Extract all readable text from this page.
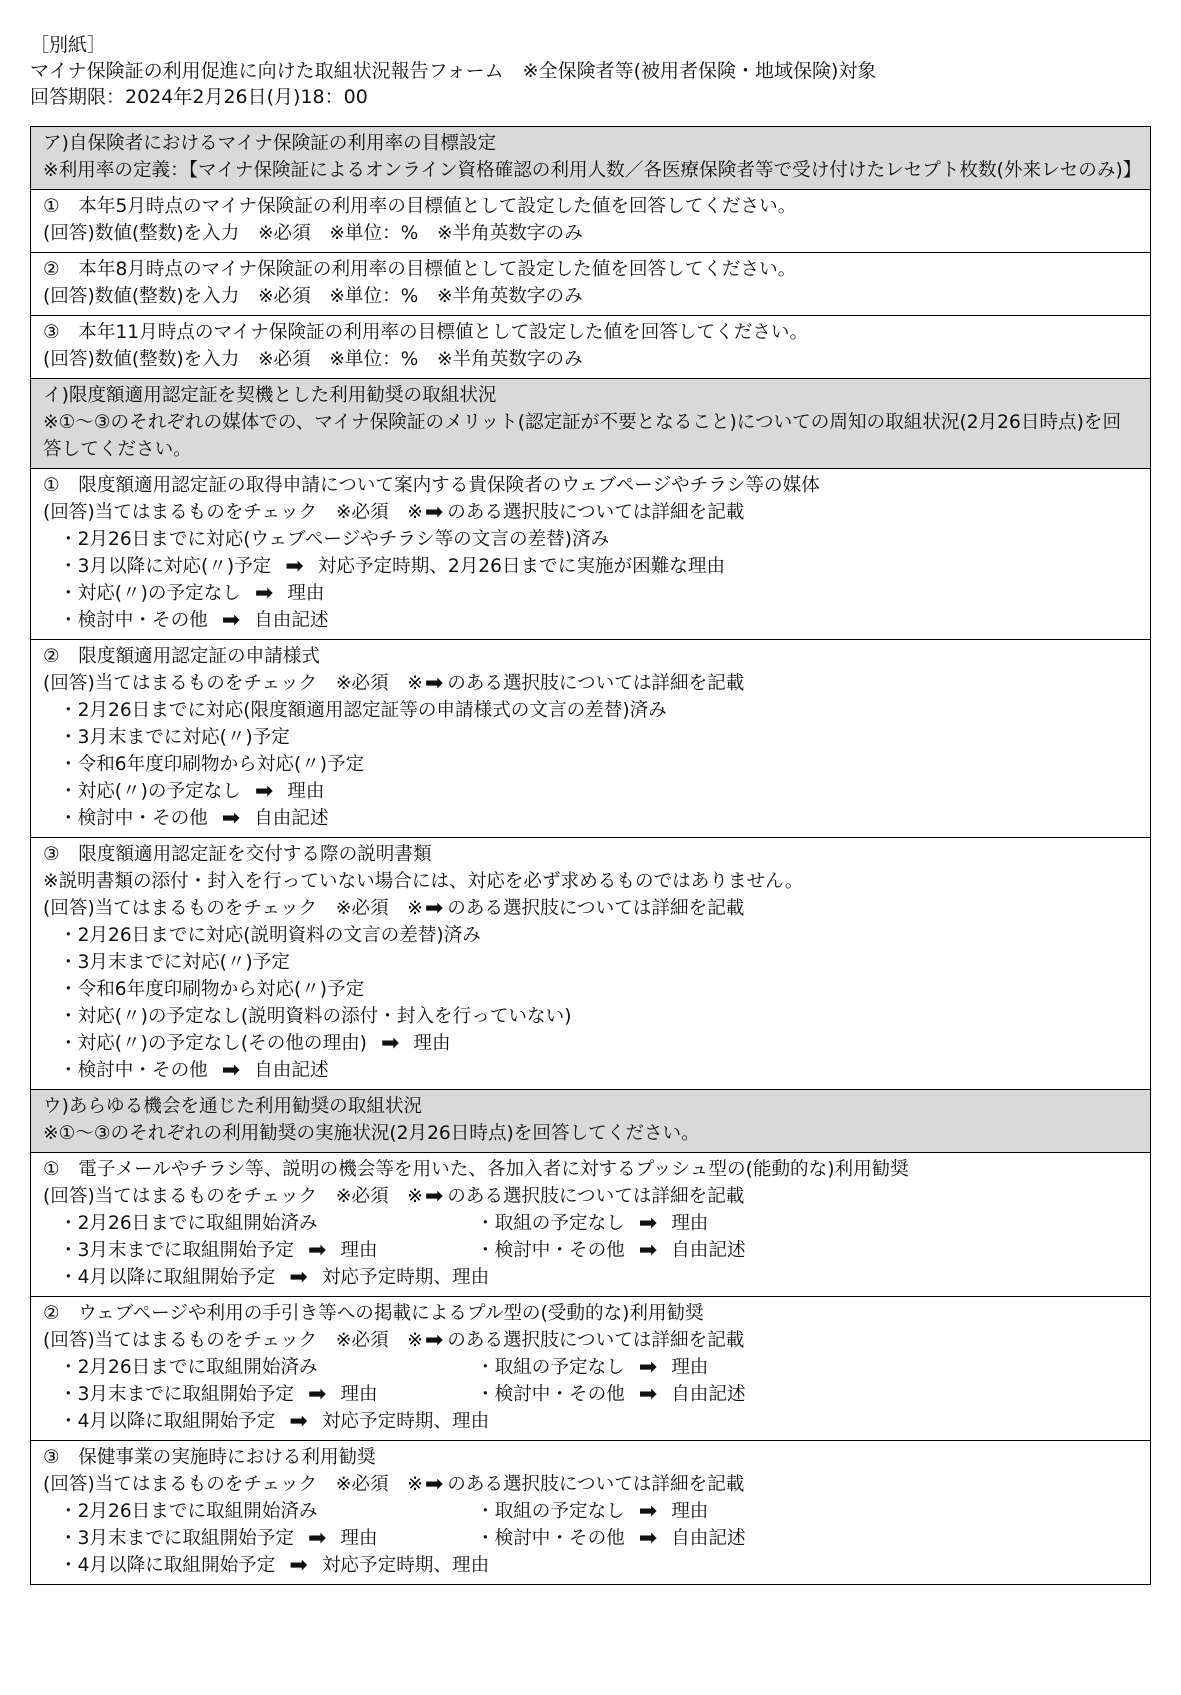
［別紙］
マイナ保険証の利用促進に向けた取組状況報告フォーム　※全保険者等(被用者保険・地域保険)対象
回答期限：2024年2月26日(月)18：00
ア)自保険者におけるマイナ保険証の利用率の目標設定
※利用率の定義：【マイナ保険証によるオンライン資格確認の利用人数／各医療保険者等で受け付けたレセプト枚数(外来レセのみ)】

①　本年5月時点のマイナ保険証の利用率の目標値として設定した値を回答してください。
(回答)数値(整数)を入力　※必須　※単位：%　※半角英数字のみ

②　本年8月時点のマイナ保険証の利用率の目標値として設定した値を回答してください。
(回答)数値(整数)を入力　※必須　※単位：%　※半角英数字のみ

③　本年11月時点のマイナ保険証の利用率の目標値として設定した値を回答してください。
(回答)数値(整数)を入力　※必須　※単位：%　※半角英数字のみ

イ)限度額適用認定証を契機とした利用勧奨の取組状況
※①～③のそれぞれの媒体での、マイナ保険証のメリット(認定証が不要となること)についての周知の取組状況(2月26日時点)を回答してください。

①　限度額適用認定証の取得申請について案内する貴保険者のウェブページやチラシ等の媒体
(回答)当てはまるものをチェック　※必須　※➡ のある選択肢については詳細を記載
・2月26日までに対応(ウェブページやチラシ等の文言の差替)済み
・3月以降に対応(〃)予定 ➡ 対応予定時期、2月26日までに実施が困難な理由
・対応(〃)の予定なし ➡ 理由
・検討中・その他 ➡ 自由記述

②　限度額適用認定証の申請様式
(回答)当てはまるものをチェック　※必須　※➡ のある選択肢については詳細を記載
・2月26日までに対応(限度額適用認定証等の申請様式の文言の差替)済み
・3月末までに対応(〃)予定
・令和6年度印刷物から対応(〃)予定
・対応(〃)の予定なし ➡ 理由
・検討中・その他 ➡ 自由記述

③　限度額適用認定証を交付する際の説明書類
※説明書類の添付・封入を行っていない場合には、対応を必ず求めるものではありません。
(回答)当てはまるものをチェック　※必須　※➡ のある選択肢については詳細を記載
・2月26日までに対応(説明資料の文言の差替)済み
・3月末までに対応(〃)予定
・令和6年度印刷物から対応(〃)予定
・対応(〃)の予定なし(説明資料の添付・封入を行っていない)
・対応(〃)の予定なし(その他の理由) ➡ 理由
・検討中・その他 ➡ 自由記述

ウ)あらゆる機会を通じた利用勧奨の取組状況
※①～③のそれぞれの利用勧奨の実施状況(2月26日時点)を回答してください。

①　電子メールやチラシ等、説明の機会等を用いた、各加入者に対するプッシュ型の(能動的な)利用勧奨
(回答)当てはまるものをチェック　※必須　※➡ のある選択肢については詳細を記載
・2月26日までに取組開始済み	・取組の予定なし ➡ 理由
・3月末までに取組開始予定 ➡ 理由	・検討中・その他 ➡ 自由記述
・4月以降に取組開始予定 ➡ 対応予定時期、理由

②　ウェブページや利用の手引き等への掲載によるプル型の(受動的な)利用勧奨
(回答)当てはまるものをチェック　※必須　※➡ のある選択肢については詳細を記載
・2月26日までに取組開始済み	・取組の予定なし ➡ 理由
・3月末までに取組開始予定 ➡ 理由	・検討中・その他 ➡ 自由記述
・4月以降に取組開始予定 ➡ 対応予定時期、理由

③　保健事業の実施時における利用勧奨
(回答)当てはまるものをチェック　※必須　※➡ のある選択肢については詳細を記載
・2月26日までに取組開始済み	・取組の予定なし ➡ 理由
・3月末までに取組開始予定 ➡ 理由	・検討中・その他 ➡ 自由記述
・4月以降に取組開始予定 ➡ 対応予定時期、理由
